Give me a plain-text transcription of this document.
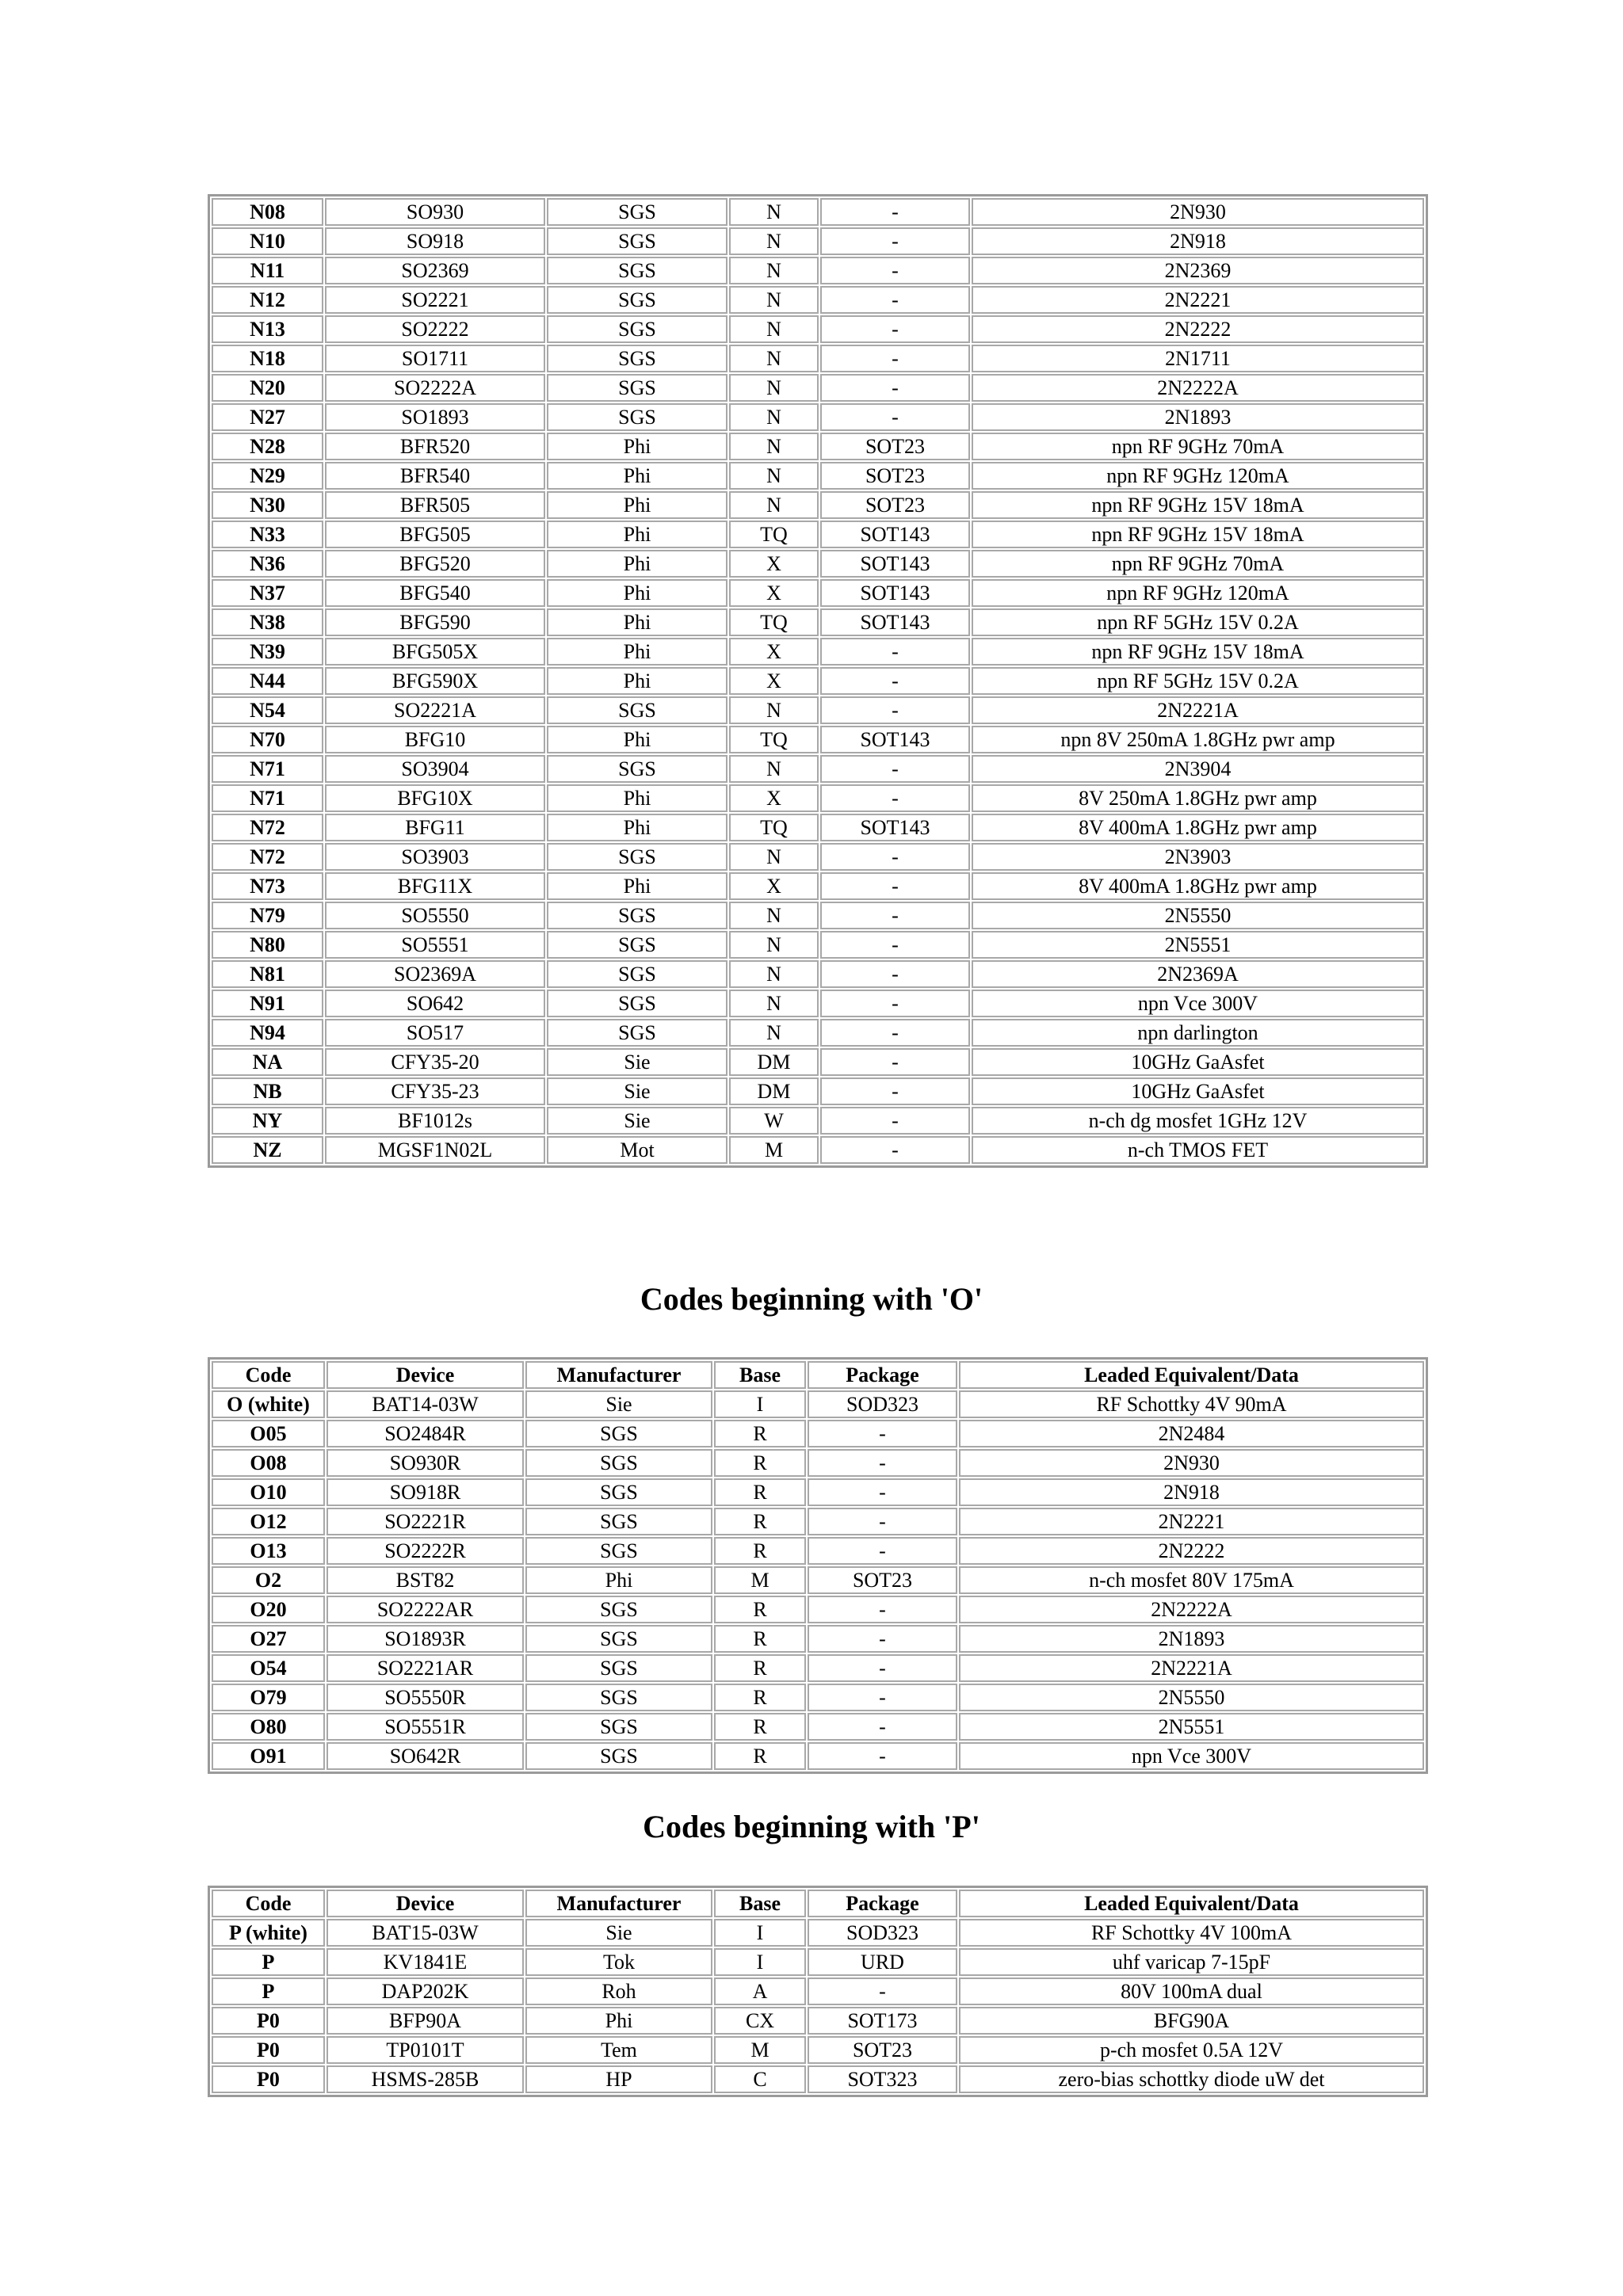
N08	SO930	SGS	N	-	2N930
N10	SO918	SGS	N	-	2N918
N11	SO2369	SGS	N	-	2N2369
N12	SO2221	SGS	N	-	2N2221
N13	SO2222	SGS	N	-	2N2222
N18	SO1711	SGS	N	-	2N1711
N20	SO2222A	SGS	N	-	2N2222A
N27	SO1893	SGS	N	-	2N1893
N28	BFR520	Phi	N	SOT23	npn RF 9GHz 70mA
N29	BFR540	Phi	N	SOT23	npn RF 9GHz 120mA
N30	BFR505	Phi	N	SOT23	npn RF 9GHz 15V 18mA
N33	BFG505	Phi	TQ	SOT143	npn RF 9GHz 15V 18mA
N36	BFG520	Phi	X	SOT143	npn RF 9GHz 70mA
N37	BFG540	Phi	X	SOT143	npn RF 9GHz 120mA
N38	BFG590	Phi	TQ	SOT143	npn RF 5GHz 15V 0.2A
N39	BFG505X	Phi	X	-	npn RF 9GHz 15V 18mA
N44	BFG590X	Phi	X	-	npn RF 5GHz 15V 0.2A
N54	SO2221A	SGS	N	-	2N2221A
N70	BFG10	Phi	TQ	SOT143	npn 8V 250mA 1.8GHz pwr amp
N71	SO3904	SGS	N	-	2N3904
N71	BFG10X	Phi	X	-	8V 250mA 1.8GHz pwr amp
N72	BFG11	Phi	TQ	SOT143	8V 400mA 1.8GHz pwr amp
N72	SO3903	SGS	N	-	2N3903
N73	BFG11X	Phi	X	-	8V 400mA 1.8GHz pwr amp
N79	SO5550	SGS	N	-	2N5550
N80	SO5551	SGS	N	-	2N5551
N81	SO2369A	SGS	N	-	2N2369A
N91	SO642	SGS	N	-	npn Vce 300V
N94	SO517	SGS	N	-	npn darlington
NA	CFY35-20	Sie	DM	-	10GHz GaAsfet
NB	CFY35-23	Sie	DM	-	10GHz GaAsfet
NY	BF1012s	Sie	W	-	n-ch dg mosfet 1GHz 12V
NZ	MGSF1N02L	Mot	M	-	n-ch TMOS FET
Codes beginning with 'O'
Code	Device	Manufacturer	Base	Package	Leaded Equivalent/Data
O (white)	BAT14-03W	Sie	I	SOD323	RF Schottky 4V 90mA
O05	SO2484R	SGS	R	-	2N2484
O08	SO930R	SGS	R	-	2N930
O10	SO918R	SGS	R	-	2N918
O12	SO2221R	SGS	R	-	2N2221
O13	SO2222R	SGS	R	-	2N2222
O2	BST82	Phi	M	SOT23	n-ch mosfet 80V 175mA
O20	SO2222AR	SGS	R	-	2N2222A
O27	SO1893R	SGS	R	-	2N1893
O54	SO2221AR	SGS	R	-	2N2221A
O79	SO5550R	SGS	R	-	2N5550
O80	SO5551R	SGS	R	-	2N5551
O91	SO642R	SGS	R	-	npn Vce 300V
Codes beginning with 'P'
Code	Device	Manufacturer	Base	Package	Leaded Equivalent/Data
P (white)	BAT15-03W	Sie	I	SOD323	RF Schottky 4V 100mA
P	KV1841E	Tok	I	URD	uhf varicap 7-15pF
P	DAP202K	Roh	A	-	80V 100mA dual
P0	BFP90A	Phi	CX	SOT173	BFG90A
P0	TP0101T	Tem	M	SOT23	p-ch mosfet 0.5A 12V
P0	HSMS-285B	HP	C	SOT323	zero-bias schottky diode uW det
